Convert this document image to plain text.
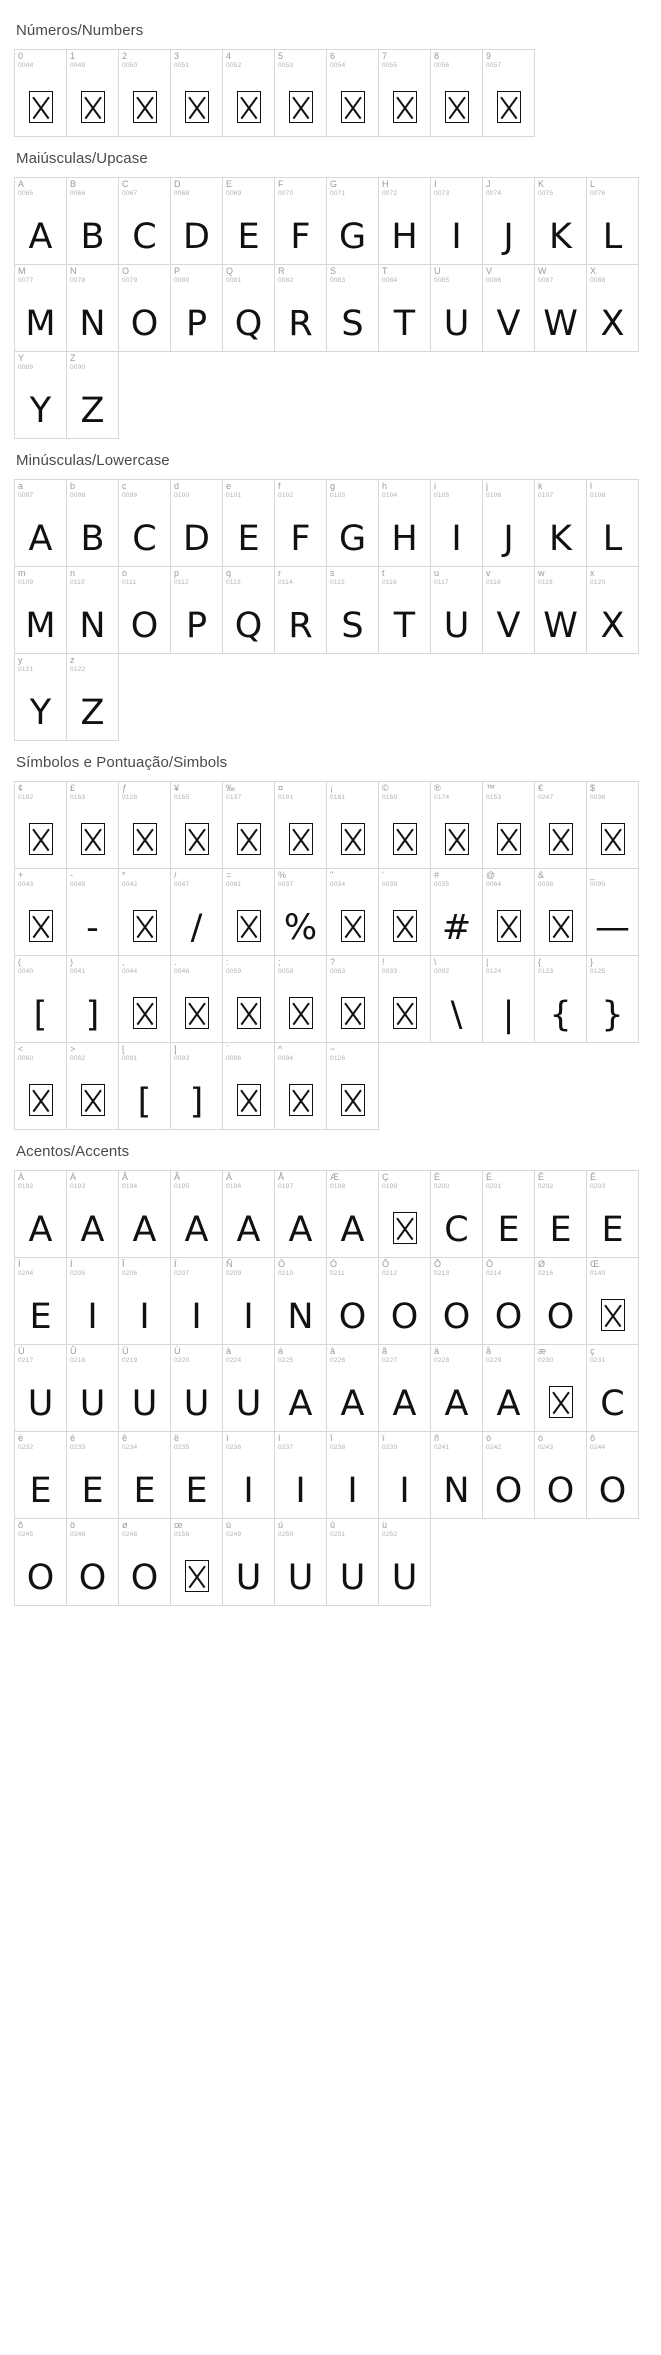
Números/Numbers
0
0048
1
0049
2
0050
3
0051
4
0052
5
0053
6
0054
7
0055
8
0056
9
0057
Maiúsculas/Upcase
A
0065
A
B
0066
B
C
0067
C
D
0068
D
E
0069
E
F
0070
F
G
0071
G
H
0072
H
I
0073
I
J
0074
J
K
0075
K
L
0076
L
M
0077
M
N
0078
N
O
0079
O
P
0080
P
Q
0081
Q
R
0082
R
S
0083
S
T
0084
T
U
0085
U
V
0086
V
W
0087
W
X
0088
X
Y
0089
Y
Z
0090
Z
Minúsculas/Lowercase
a
0097
A
b
0098
B
c
0099
C
d
0100
D
e
0101
E
f
0102
F
g
0103
G
h
0104
H
i
0105
I
j
0106
J
k
0107
K
l
0108
L
m
0109
M
n
0110
N
o
0111
O
p
0112
P
q
0113
Q
r
0114
R
s
0115
S
t
0116
T
u
0117
U
v
0118
V
w
0119
W
x
0120
X
y
0121
Y
z
0122
Z
Símbolos e Pontuação/Simbols
¢
0162
£
0163
ƒ
0128
¥
0165
‰
0137
¤
0191
¡
0161
©
0169
®
0174
™
0153
€
0247
$
0036
+
0043
-
0045
-
*
0042
/
0047
/
=
0061
%
0037
%
"
0034
'
0039
#
0035
#
@
0064
&
0038
_
0095
—
(
0040
[
)
0041
]
,
0044
.
0046
:
0059
;
0058
?
0063
!
0033
\
0092
\
|
0124
|
{
0123
{
}
0125
}
<
0060
>
0062
[
0091
[
]
0093
]
`
0096
^
0094
~
0126
Acentos/Accents
À
0192
A
Á
0193
A
Â
0194
A
Ã
0195
A
Ä
0196
A
Å
0197
A
Æ
0198
A
Ç
0199
È
0200
C
É
0201
E
Ê
0202
E
Ë
0203
E
Ì
0204
E
Í
0205
I
Î
0206
I
Ï
0207
I
Ñ
0209
I
Ò
0210
N
Ó
0211
O
Ô
0212
O
Õ
0213
O
Ö
0214
O
Ø
0216
O
Œ
0140
Ú
0217
U
Û
0218
U
Ü
0219
U
Ù
0220
U
à
0224
U
á
0225
A
â
0226
A
ã
0227
A
ä
0228
A
å
0229
A
æ
0230
ç
0231
C
è
0232
E
é
0233
E
ê
0234
E
ë
0235
E
ì
0236
I
í
0237
I
î
0238
I
ï
0239
I
ñ
0241
N
ò
0242
O
ó
0243
O
ô
0244
O
õ
0245
O
ö
0246
O
ø
0248
O
œ
0156
ù
0249
U
ú
0250
U
û
0251
U
ü
0252
U
